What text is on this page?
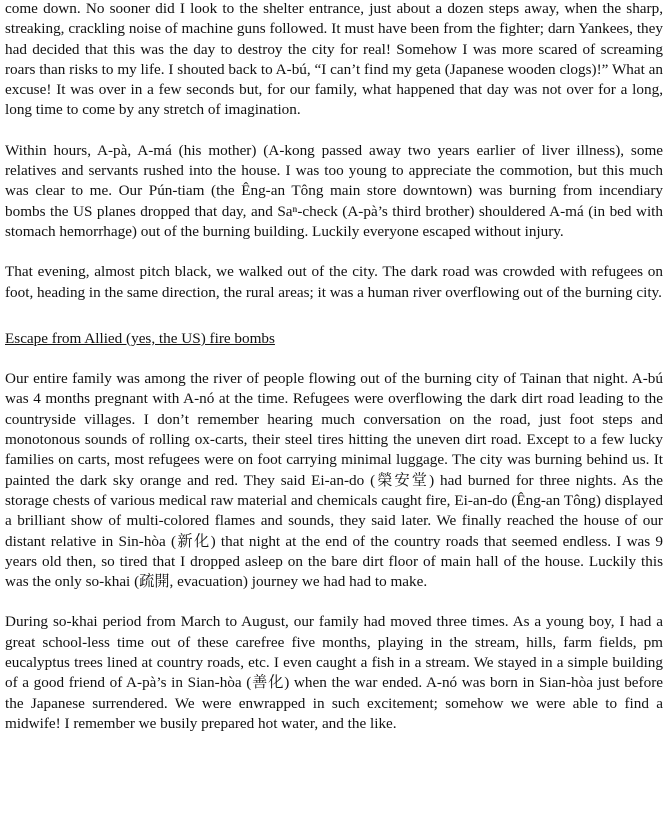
come down. No sooner did I look to the shelter entrance, just about a dozen steps away, when the sharp, streaking, crackling noise of machine guns followed. It must have been from the fighter; darn Yankees, they had decided that this was the day to destroy the city for real! Somehow I was more scared of screaming roars than risks to my life. I shouted back to A-bú, “I can’t find my geta (Japanese wooden clogs)!” What an excuse! It was over in a few seconds but, for our family, what happened that day was not over for a long, long time to come by any stretch of imagination.

Within hours, A-pà, A-má (his mother) (A-kong passed away two years earlier of liver illness), some relatives and servants rushed into the house. I was too young to appreciate the commotion, but this much was clear to me. Our Pún-tiam (the Êng-an Tông main store downtown) was burning from incendiary bombs the US planes dropped that day, and Saⁿ-check (A-pà’s third brother) shouldered A-má (in bed with stomach hemorrhage) out of the burning building. Luckily everyone escaped without injury.

That evening, almost pitch black, we walked out of the city. The dark road was crowded with refugees on foot, heading in the same direction, the rural areas; it was a human river overflowing out of the burning city.

Escape from Allied (yes, the US) fire bombs

Our entire family was among the river of people flowing out of the burning city of Tainan that night. A-bú was 4 months pregnant with A-nó at the time. Refugees were overflowing the dark dirt road leading to the countryside villages. I don’t remember hearing much conversation on the road, just foot steps and monotonous sounds of rolling ox-carts, their steel tires hitting the uneven dirt road. Except to a few lucky families on carts, most refugees were on foot carrying minimal luggage. The city was burning behind us. It painted the dark sky orange and red. They said Ei-an-do (榮安堂) had burned for three nights. As the storage chests of various medical raw material and chemicals caught fire, Ei-an-do (Êng-an Tông) displayed a brilliant show of multi-colored flames and sounds, they said later. We finally reached the house of our distant relative in Sin-hòa (新化) that night at the end of the country roads that seemed endless. I was 9 years old then, so tired that I dropped asleep on the bare dirt floor of main hall of the house. Luckily this was the only so-khai (疏開, evacuation) journey we had had to make.

During so-khai period from March to August, our family had moved three times. As a young boy, I had a great school-less time out of these carefree five months, playing in the stream, hills, farm fields, pm eucalyptus trees lined at country roads, etc. I even caught a fish in a stream. We stayed in a simple building of a good friend of A-pà’s in Sian-hòa (善化) when the war ended. A-nó was born in Sian-hòa just before the Japanese surrendered. We were enwrapped in such excitement; somehow we were able to find a midwife! I remember we busily prepared hot water, and the like.
